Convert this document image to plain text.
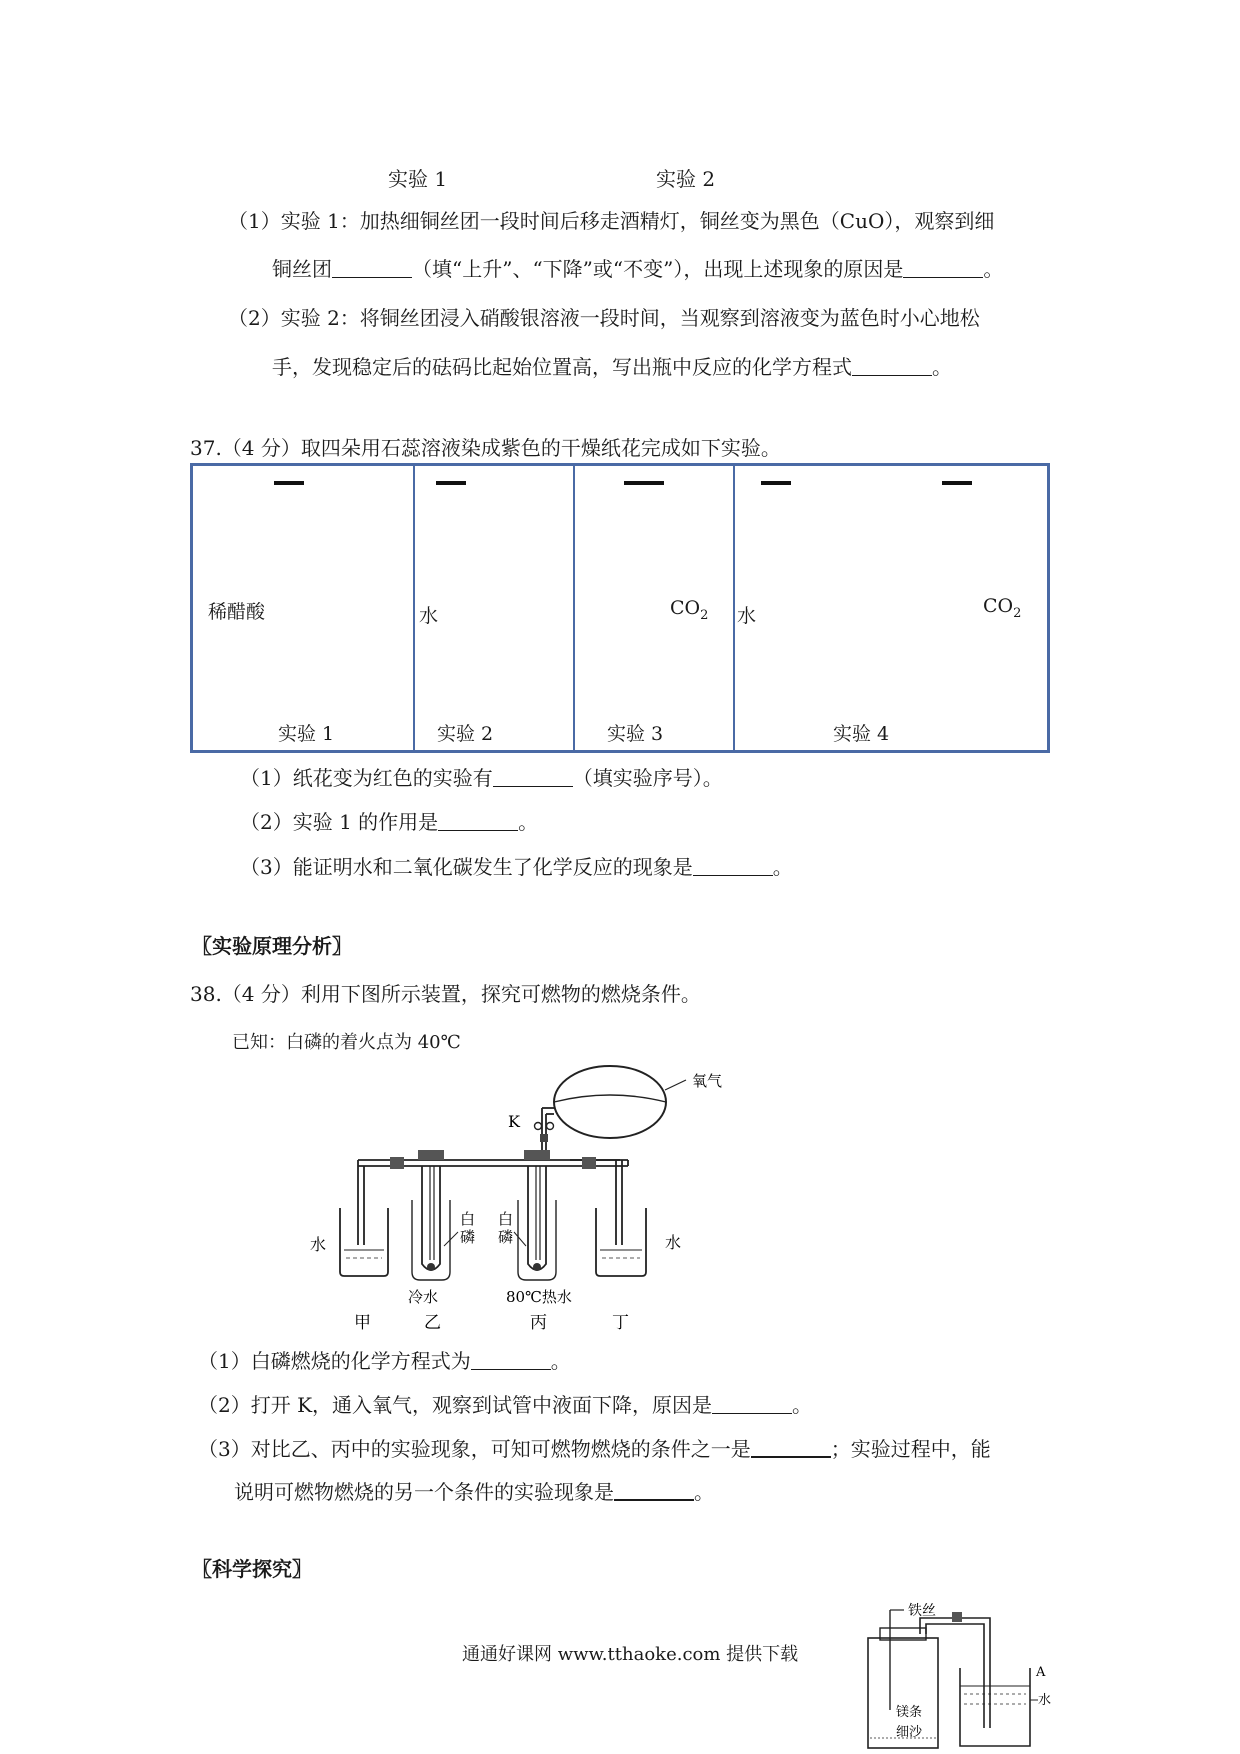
实验 1	实验 2
（1）实验 1：加热细铜丝团一段时间后移走酒精灯，铜丝变为黑色（CuO），观察到细
铜丝团	（填“上升”、“下降”或“不变”），出现上述现象的原因是	。
（2）实验 2：将铜丝团浸入硝酸银溶液一段时间，当观察到溶液变为蓝色时小心地松
手，发现稳定后的砝码比起始位置高，写出瓶中反应的化学方程式	。
37.（4 分）取四朵用石蕊溶液染成紫色的干燥纸花完成如下实验。
稀醋酸	水	$CO_2$ 水	$CO_2$
实验 1	实验 2	实验 3	实验 4
（1）纸花变为红色的实验有	（填实验序号）。
（2）实验 1 的作用是	。
（3）能证明水和二氧化碳发生了化学反应的现象是	。
〖实验原理分析〗
38.（4 分）利用下图所示装置，探究可燃物的燃烧条件。
已知：白磷的着火点为 40℃
氧气
K
水
白
磷
冷水
白
磷
80℃热水
水
甲	乙	丙	丁
（1）白磷燃烧的化学方程式为	。
（2）打开 K，通入氧气，观察到试管中液面下降，原因是	。
（3）对比乙、丙中的实验现象，可知可燃物燃烧的条件之一是	；实验过程中，能
说明可燃物燃烧的另一个条件的实验现象是	。
〖科学探究〗
通通好课网 www.tthaoke.com 提供下载
铁丝
A
水
镁条
细沙
